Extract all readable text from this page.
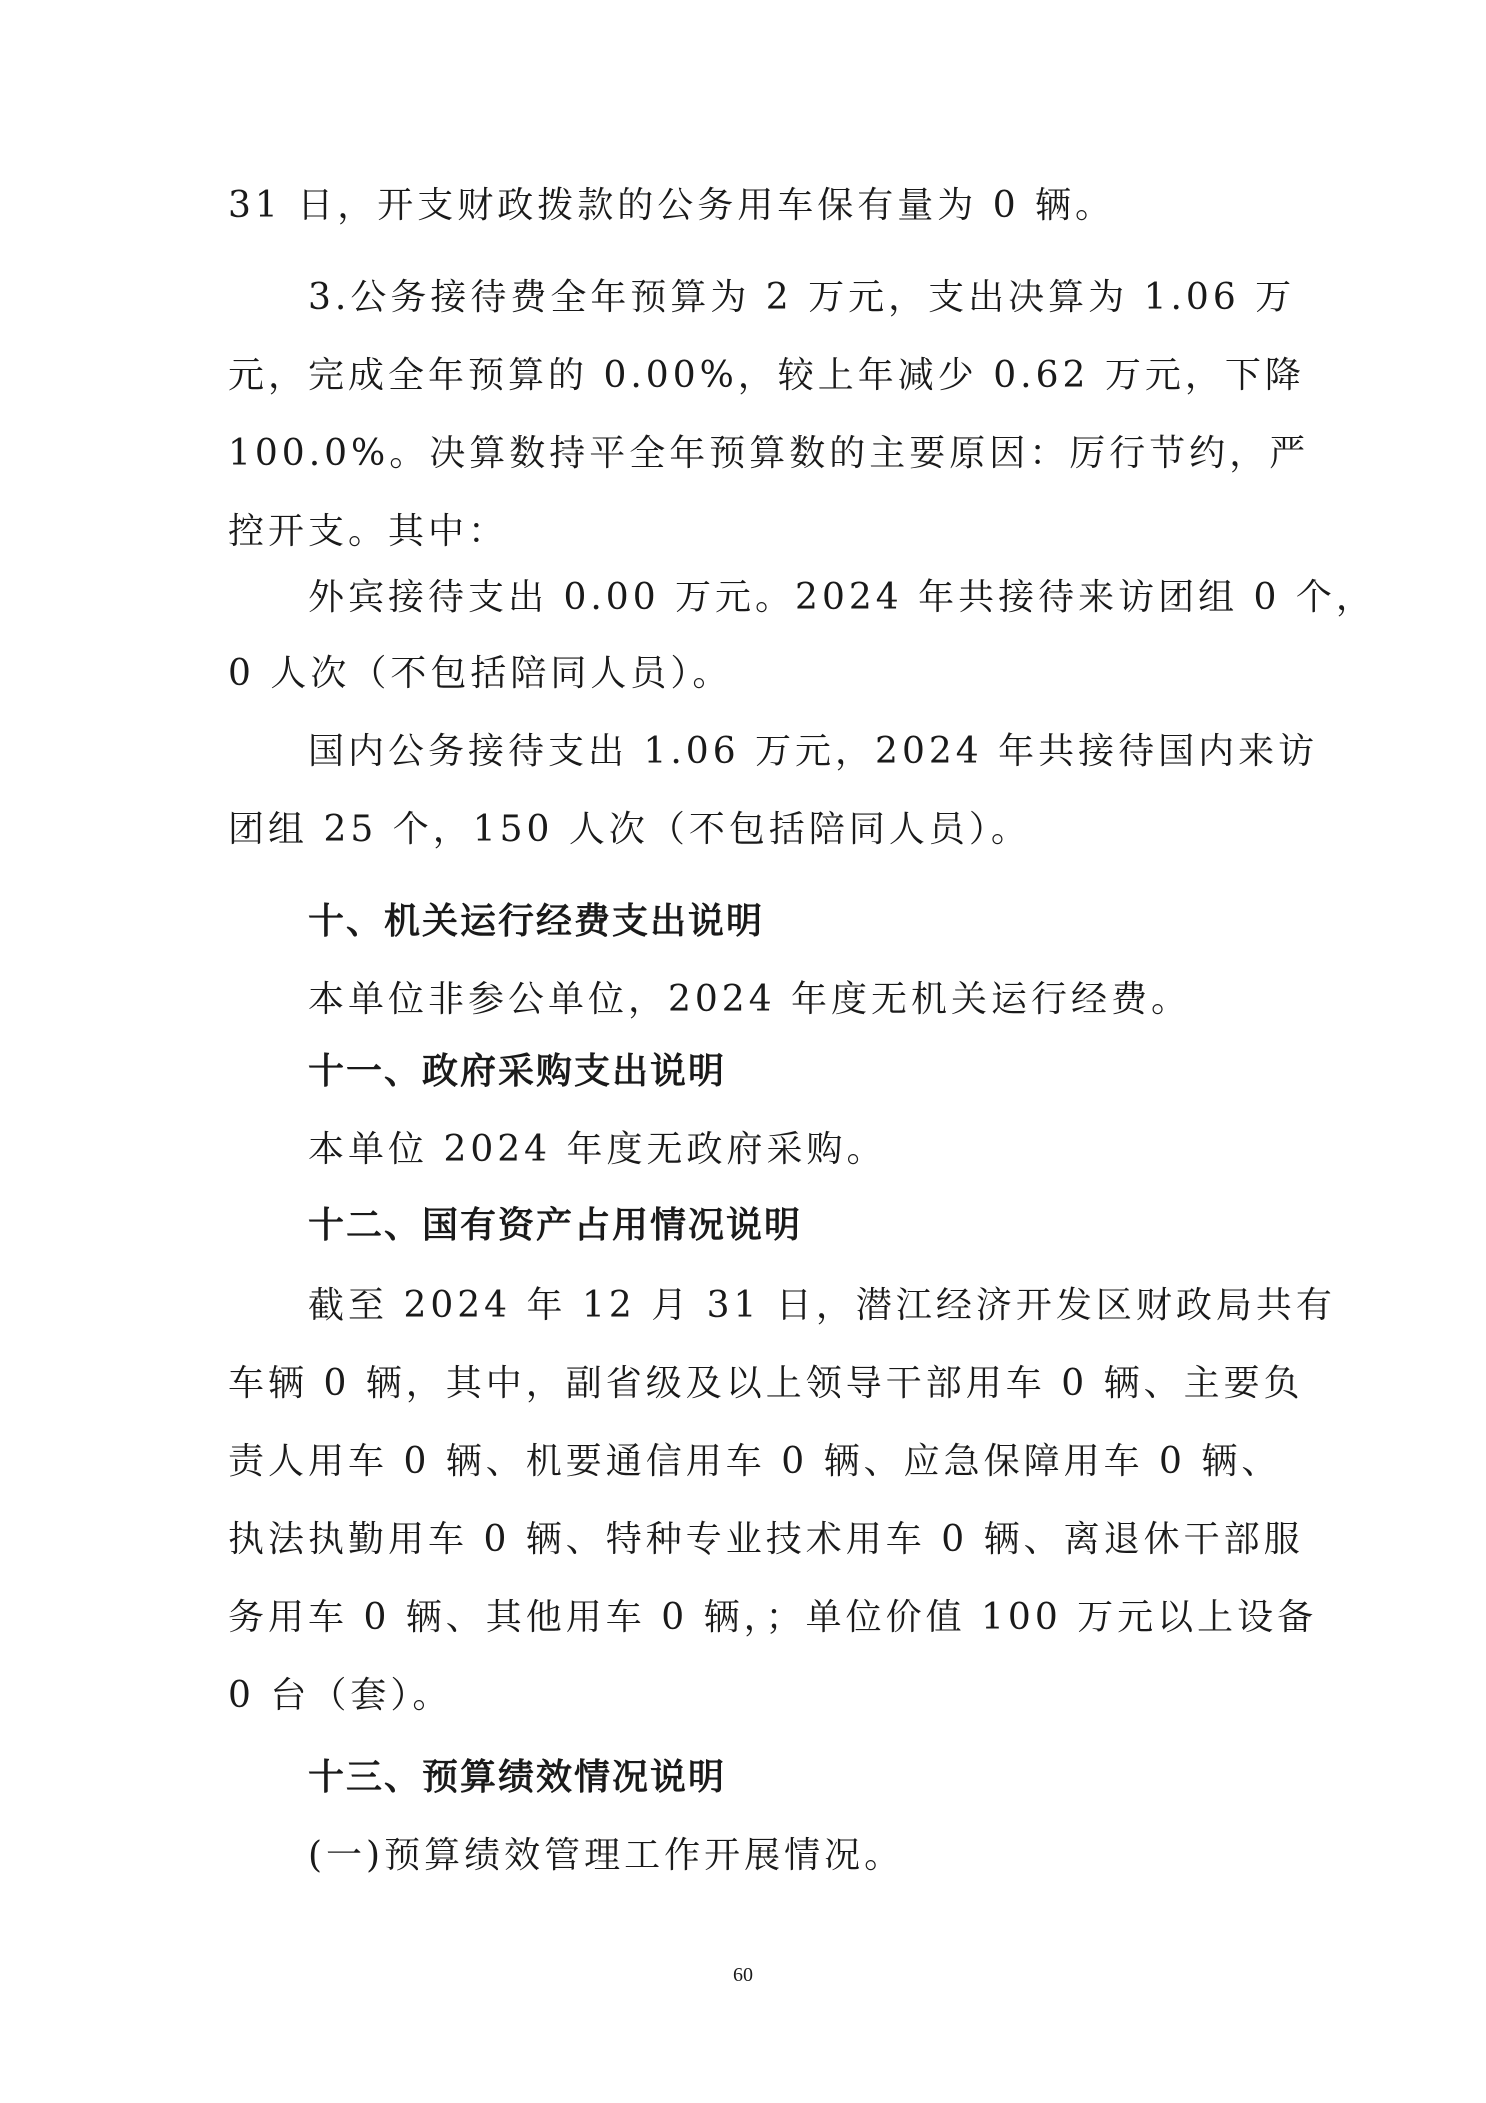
31 日，开支财政拨款的公务用车保有量为 0 辆。
3.公务接待费全年预算为 2 万元，支出决算为 1.06 万
元，完成全年预算的 0.00%，较上年减少 0.62 万元，下降
100.0%。决算数持平全年预算数的主要原因：厉行节约，严
控开支。其中：
外宾接待支出 0.00 万元。2024 年共接待来访团组 0 个，
0 人次（不包括陪同人员）。
国内公务接待支出 1.06 万元，2024 年共接待国内来访
团组 25 个，150 人次（不包括陪同人员）。
十、机关运行经费支出说明
本单位非参公单位，2024 年度无机关运行经费。
十一、政府采购支出说明
本单位 2024 年度无政府采购。
十二、国有资产占用情况说明
截至 2024 年 12 月 31 日，潜江经济开发区财政局共有
车辆 0 辆，其中，副省级及以上领导干部用车 0 辆、主要负
责人用车 0 辆、机要通信用车 0 辆、应急保障用车 0 辆、
执法执勤用车 0 辆、特种专业技术用车 0 辆、离退休干部服
务用车 0 辆、其他用车 0 辆，；单位价值 100 万元以上设备
0 台（套）。
十三、预算绩效情况说明
(一)预算绩效管理工作开展情况。
60
